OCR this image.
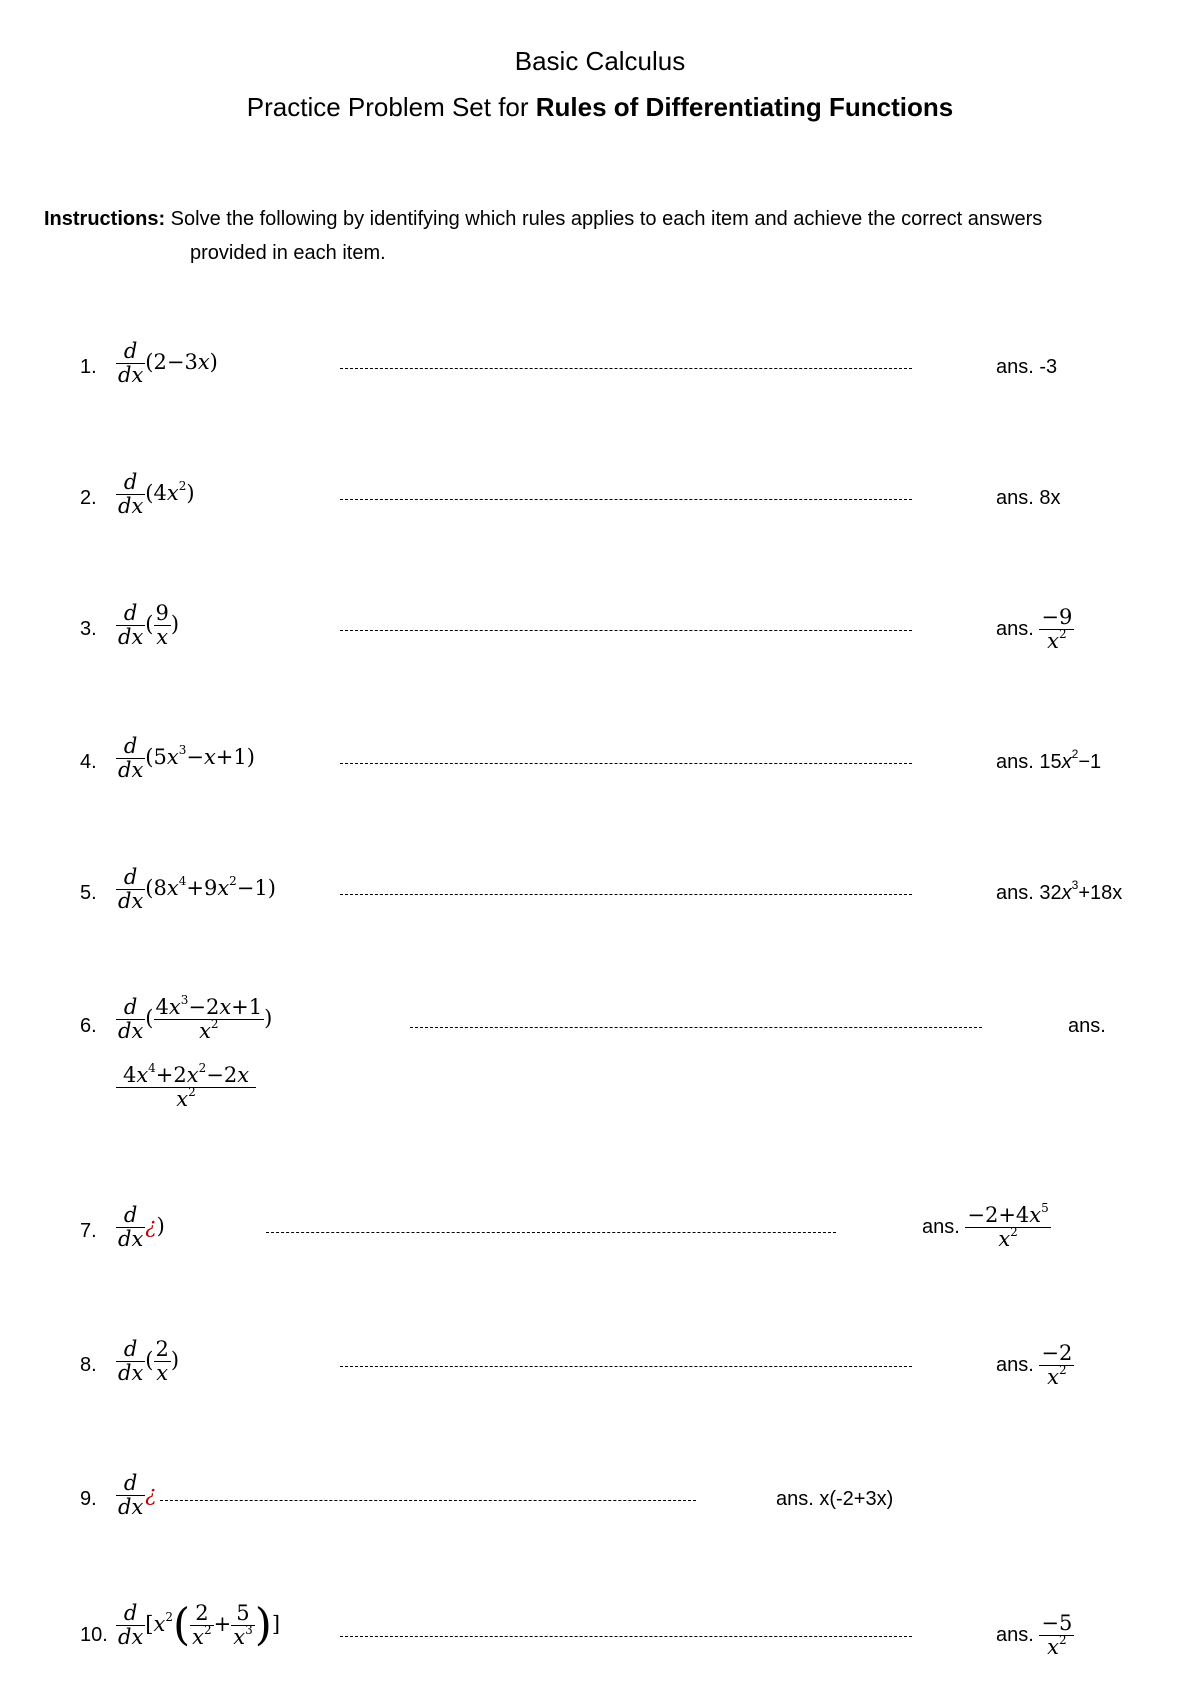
Basic Calculus
Practice Problem Set for Rules of Differentiating Functions
Instructions: Solve the following by identifying which rules applies to each item and achieve the correct answers
provided in each item.
1. $\frac{d}{dx} (2-3x)$	ans. -3
2. $\frac{d}{dx} (4x^2)$	ans. 8x
3. $\frac{d}{dx}$ ( $\frac{9}{x}$ )	ans. $\frac{-9}{x^2}$
4. $\frac{d}{dx} (5x^3-x+1)$	ans. $15x^2-1$
5. $\frac{d}{dx} (8x^4+9x^2-1)$	ans. $32x^3+18x$
6. $\frac{d}{dx}$ ( $\frac{4x^3-2x+1}{x^2}$ )	ans.
$\frac{4x^4+2x^2-2x}{x^2}$
7. $\frac{d}{dx}$ ¿)	ans. $\frac{-2+4x^5}{x^2}$
8. $\frac{d}{dx}$ ( $\frac{2}{x}$ )	ans. $\frac{-2}{x^2}$
9. $\frac{d}{dx}$ ¿	ans. x(-2+3x)
10. $\frac{d}{dx} [x^2( \frac{2}{x^2} + \frac{5}{x^3}$ )]	ans. $\frac{-5}{x^2}$
